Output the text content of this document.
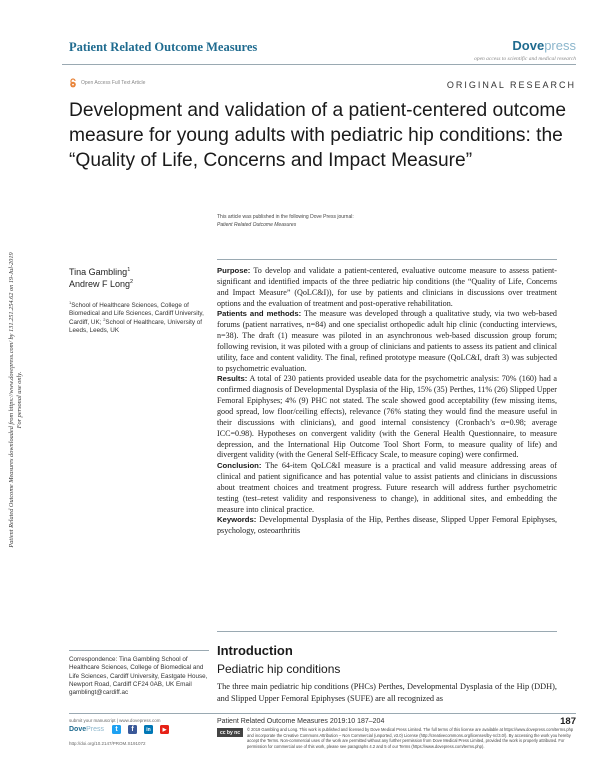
Patient Related Outcome Measures	Dovepress
open access to scientific and medical research
Open Access Full Text Article	ORIGINAL RESEARCH
Development and validation of a patient-centered outcome measure for young adults with pediatric hip conditions: the “Quality of Life, Concerns and Impact Measure”
This article was published in the following Dove Press journal:
Patient Related Outcome Measures
Tina Gambling$^1$
Andrew F Long$^2$
$^1$School of Healthcare Sciences, College of Biomedical and Life Sciences, Cardiff University, Cardiff, UK; $^2$School of Healthcare, University of Leeds, Leeds, UK

Purpose: To develop and validate a patient-centered, evaluative outcome measure to assess patient-significant and identified impacts of the three pediatric hip conditions (the “Quality of Life, Concerns and Impact Measure” (QoLC&I)), for use by patients and clinicians in discussions over treatment options and the evaluation of treatment and post-operative rehabilitation.

Patients and methods: The measure was developed through a qualitative study, via two web-based forums (patient narratives, n=84) and one specialist orthopedic adult hip clinic (conducting interviews, n=38). The draft (1) measure was piloted in an asynchronous web-based discussion group forum; following revision, it was piloted with a group of clinicians and patients to assess its patient and clinical utility, face and content validity. The final, refined prototype measure (QoLC&I, draft 3) was subjected to psychometric evaluation.

Results: A total of 230 patients provided useable data for the psychometric analysis: 70% (160) had a confirmed diagnosis of Developmental Dysplasia of the Hip, 15% (35) Perthes, 11% (26) Slipped Upper Femoral Epiphyses; 4% (9) PHC not stated. The scale showed good acceptability (few missing items, good spread, low floor/ceiling effects), relevance (76% stating they would find the measure useful in their discussions with clinicians), and good internal consistency (Cronbach’s α=0.98; average ICC=0.98). Hypotheses on convergent validity (with the General Health Questionnaire, to measure depression, and the International Hip Outcome Tool Short Form, to measure quality of life) and divergent validity (with the General Self-Efficacy Scale, to measure coping) were confirmed.

Conclusion: The 64-item QoLC&I measure is a practical and valid measure addressing areas of clinical and patient significance and has potential value to assist patients and clinicians in discussions about treatment choices and treatment progress. Future research will address further psychometric testing (test–retest validity and responsiveness to change), in additional sites, and embedding the measure into clinical practice.

Keywords: Developmental Dysplasia of the Hip, Perthes disease, Slipped Upper Femoral Epiphyses, psychology, osteoarthritis

Correspondence: Tina Gambling School of Healthcare Sciences, College of Biomedical and Life Sciences, Cardiff University, Eastgate House, Newport Road, Cardiff CF24 0AB, UK Email gamblingt@cardiff.ac
Introduction
Pediatric hip conditions

The three main pediatric hip conditions (PHCs) Perthes, Developmental Dysplasia of the Hip (DDH), and Slipped Upper Femoral Epiphyses (SUFE) are all recognized as

submit your manuscript | www.dovepress.com
DovePress	t	f	in	▶
http://doi.org/10.2147/PROM.S191072
Patient Related Outcome Measures 2019:10 187–204	187
cc by nc	© 2019 Gambling and Long. This work is published and licensed by Dove Medical Press Limited. The full terms of this license are available at https://www.dovepress.com/terms.php and incorporate the Creative Commons Attribution – Non Commercial (unported, v3.0) License (http://creativecommons.org/licenses/by-nc/3.0/). By accessing the work you hereby accept the Terms. Non-commercial uses of the work are permitted without any further permission from Dove Medical Press Limited, provided the work is properly attributed. For permission for commercial use of this work, please see paragraphs 4.2 and 5 of our Terms (https://www.dovepress.com/terms.php).
Patient Related Outcome Measures downloaded from https://www.dovepress.com/ by 131.251.254.62 on 19-Jul-2019 For personal use only.
